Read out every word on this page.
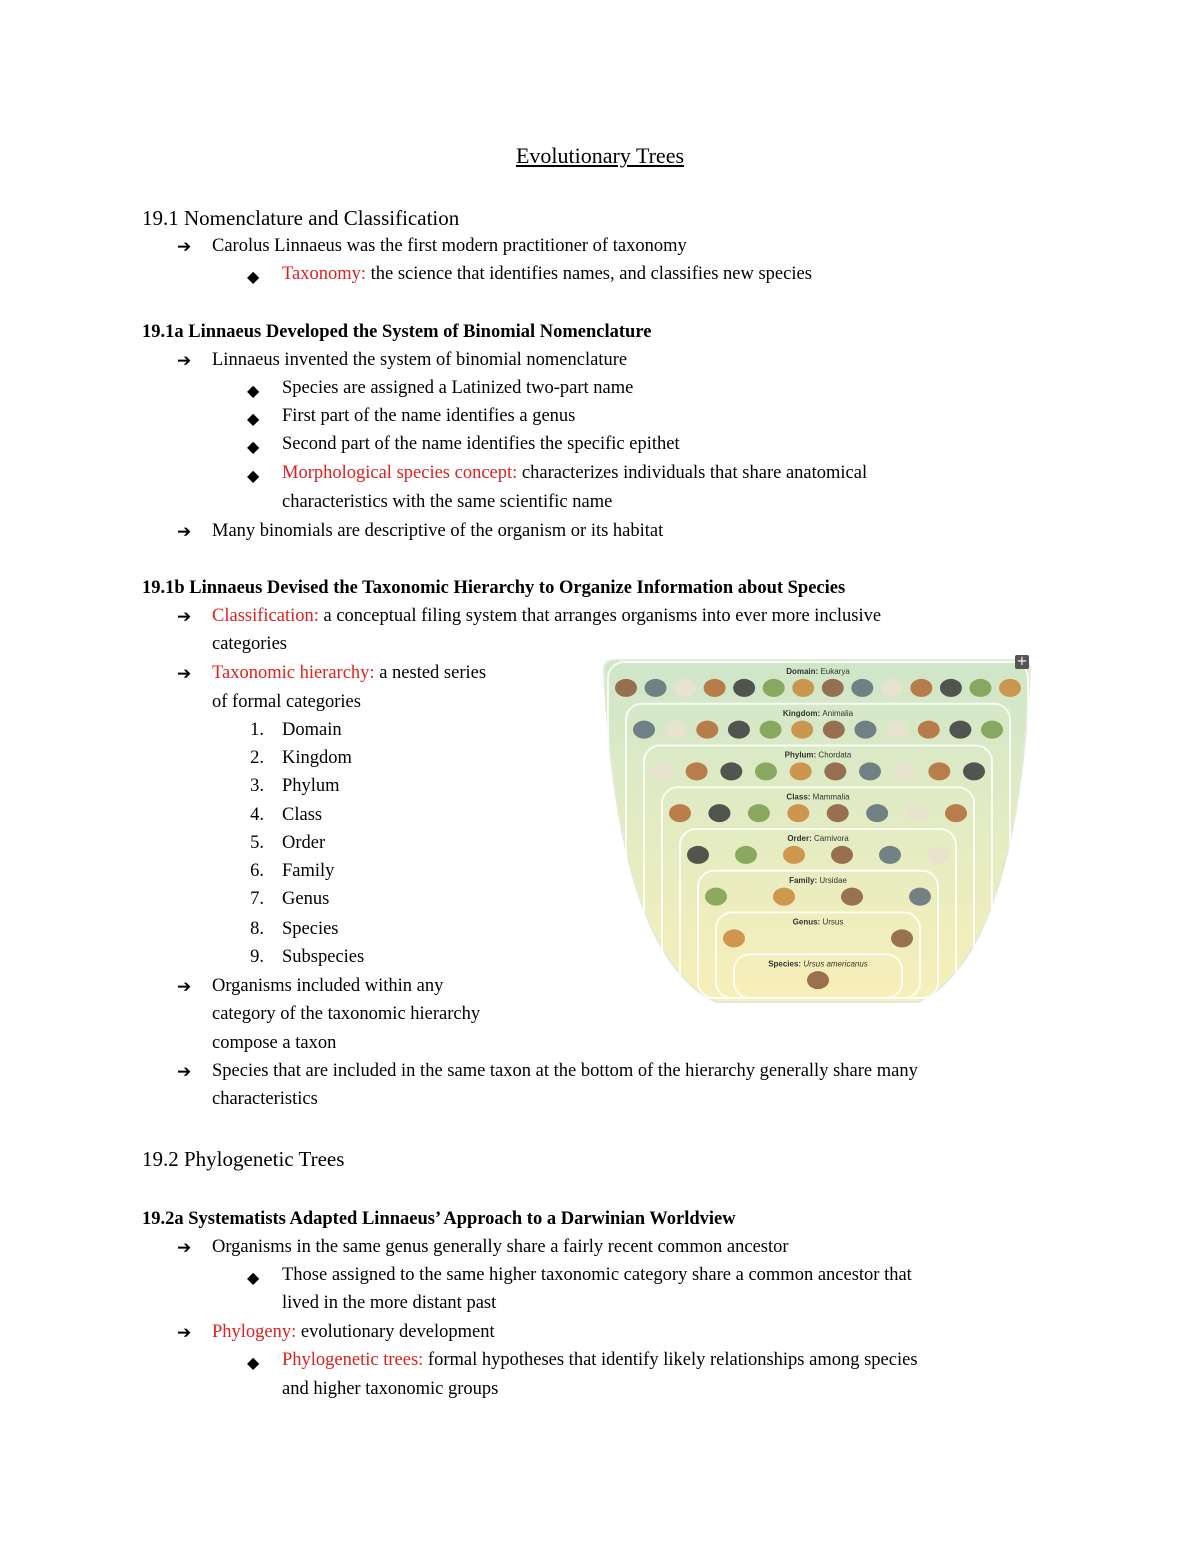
Evolutionary Trees
19.1 Nomenclature and Classification
➔ Carolus Linnaeus was the first modern practitioner of taxonomy
◆ Taxonomy: the science that identifies names, and classifies new species
19.1a Linnaeus Developed the System of Binomial Nomenclature
➔ Linnaeus invented the system of binomial nomenclature
◆ Species are assigned a Latinized two-part name
◆ First part of the name identifies a genus
◆ Second part of the name identifies the specific epithet
◆ Morphological species concept: characterizes individuals that share anatomical
characteristics with the same scientific name
➔ Many binomials are descriptive of the organism or its habitat
19.1b Linnaeus Devised the Taxonomic Hierarchy to Organize Information about Species
➔ Classification: a conceptual filing system that arranges organisms into ever more inclusive
categories
➔ Taxonomic hierarchy: a nested series
of formal categories
1. Domain
2. Kingdom
3. Phylum
4. Class
5. Order
6. Family
7. Genus
8. Species
9. Subspecies
➔ Organisms included within any
category of the taxonomic hierarchy
compose a taxon
➔ Species that are included in the same taxon at the bottom of the hierarchy generally share many
characteristics
Domain: Eukarya
Kingdom: Animalia
Phylum: Chordata
Class: Mammalia
Order: Carnivora
Family: Ursidae
Genus: Ursus
Species: Ursus americanus
+
19.2 Phylogenetic Trees
19.2a Systematists Adapted Linnaeus’ Approach to a Darwinian Worldview
➔ Organisms in the same genus generally share a fairly recent common ancestor
◆ Those assigned to the same higher taxonomic category share a common ancestor that
lived in the more distant past
➔ Phylogeny: evolutionary development
◆ Phylogenetic trees: formal hypotheses that identify likely relationships among species
and higher taxonomic groups
